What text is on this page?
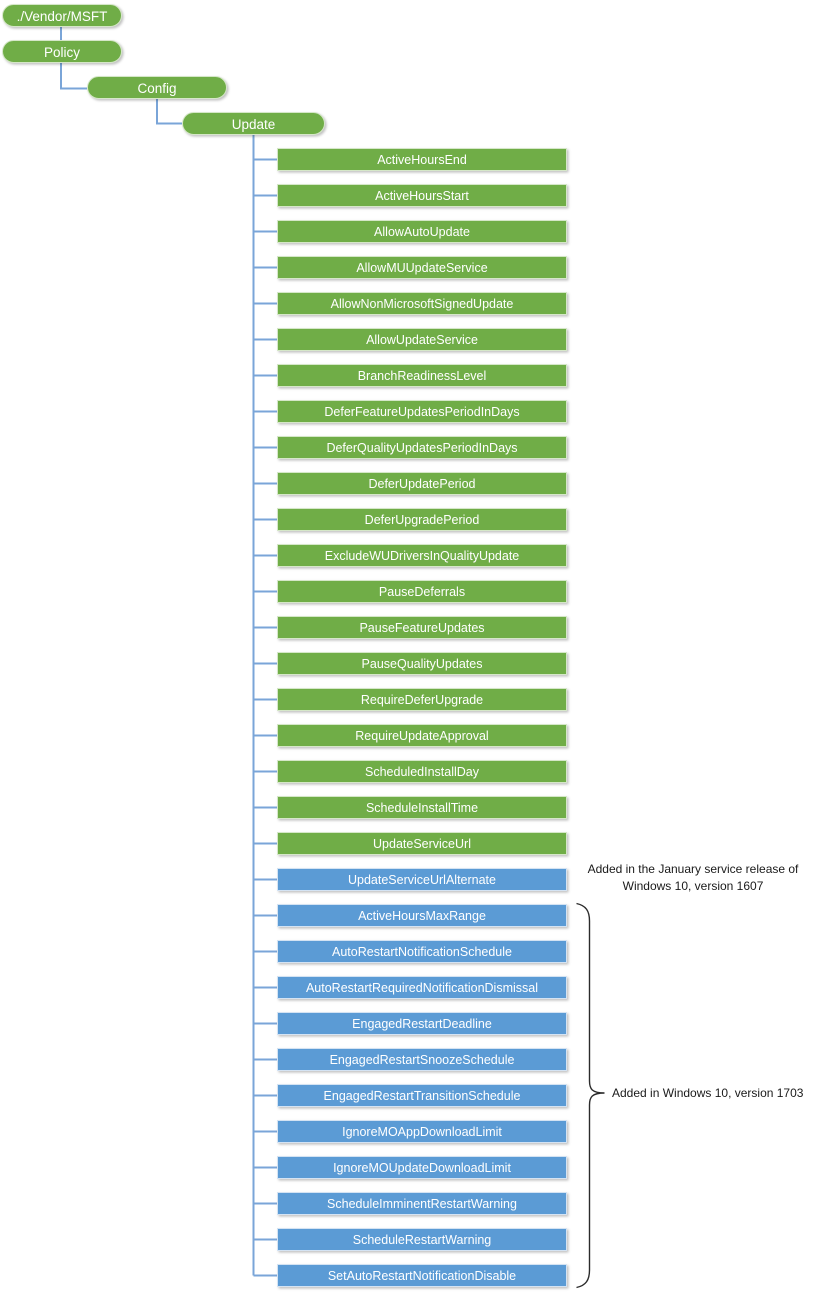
./Vendor/MSFT
Policy
Config
Update
ActiveHoursEnd
ActiveHoursStart
AllowAutoUpdate
AllowMUUpdateService
AllowNonMicrosoftSignedUpdate
AllowUpdateService
BranchReadinessLevel
DeferFeatureUpdatesPeriodInDays
DeferQualityUpdatesPeriodInDays
DeferUpdatePeriod
DeferUpgradePeriod
ExcludeWUDriversInQualityUpdate
PauseDeferrals
PauseFeatureUpdates
PauseQualityUpdates
RequireDeferUpgrade
RequireUpdateApproval
ScheduledInstallDay
ScheduleInstallTime
UpdateServiceUrl
UpdateServiceUrlAlternate
ActiveHoursMaxRange
AutoRestartNotificationSchedule
AutoRestartRequiredNotificationDismissal
EngagedRestartDeadline
EngagedRestartSnoozeSchedule
EngagedRestartTransitionSchedule
IgnoreMOAppDownloadLimit
IgnoreMOUpdateDownloadLimit
ScheduleImminentRestartWarning
ScheduleRestartWarning
SetAutoRestartNotificationDisable
Added in the January service release of
Windows 10, version 1607
Added in Windows 10, version 1703
